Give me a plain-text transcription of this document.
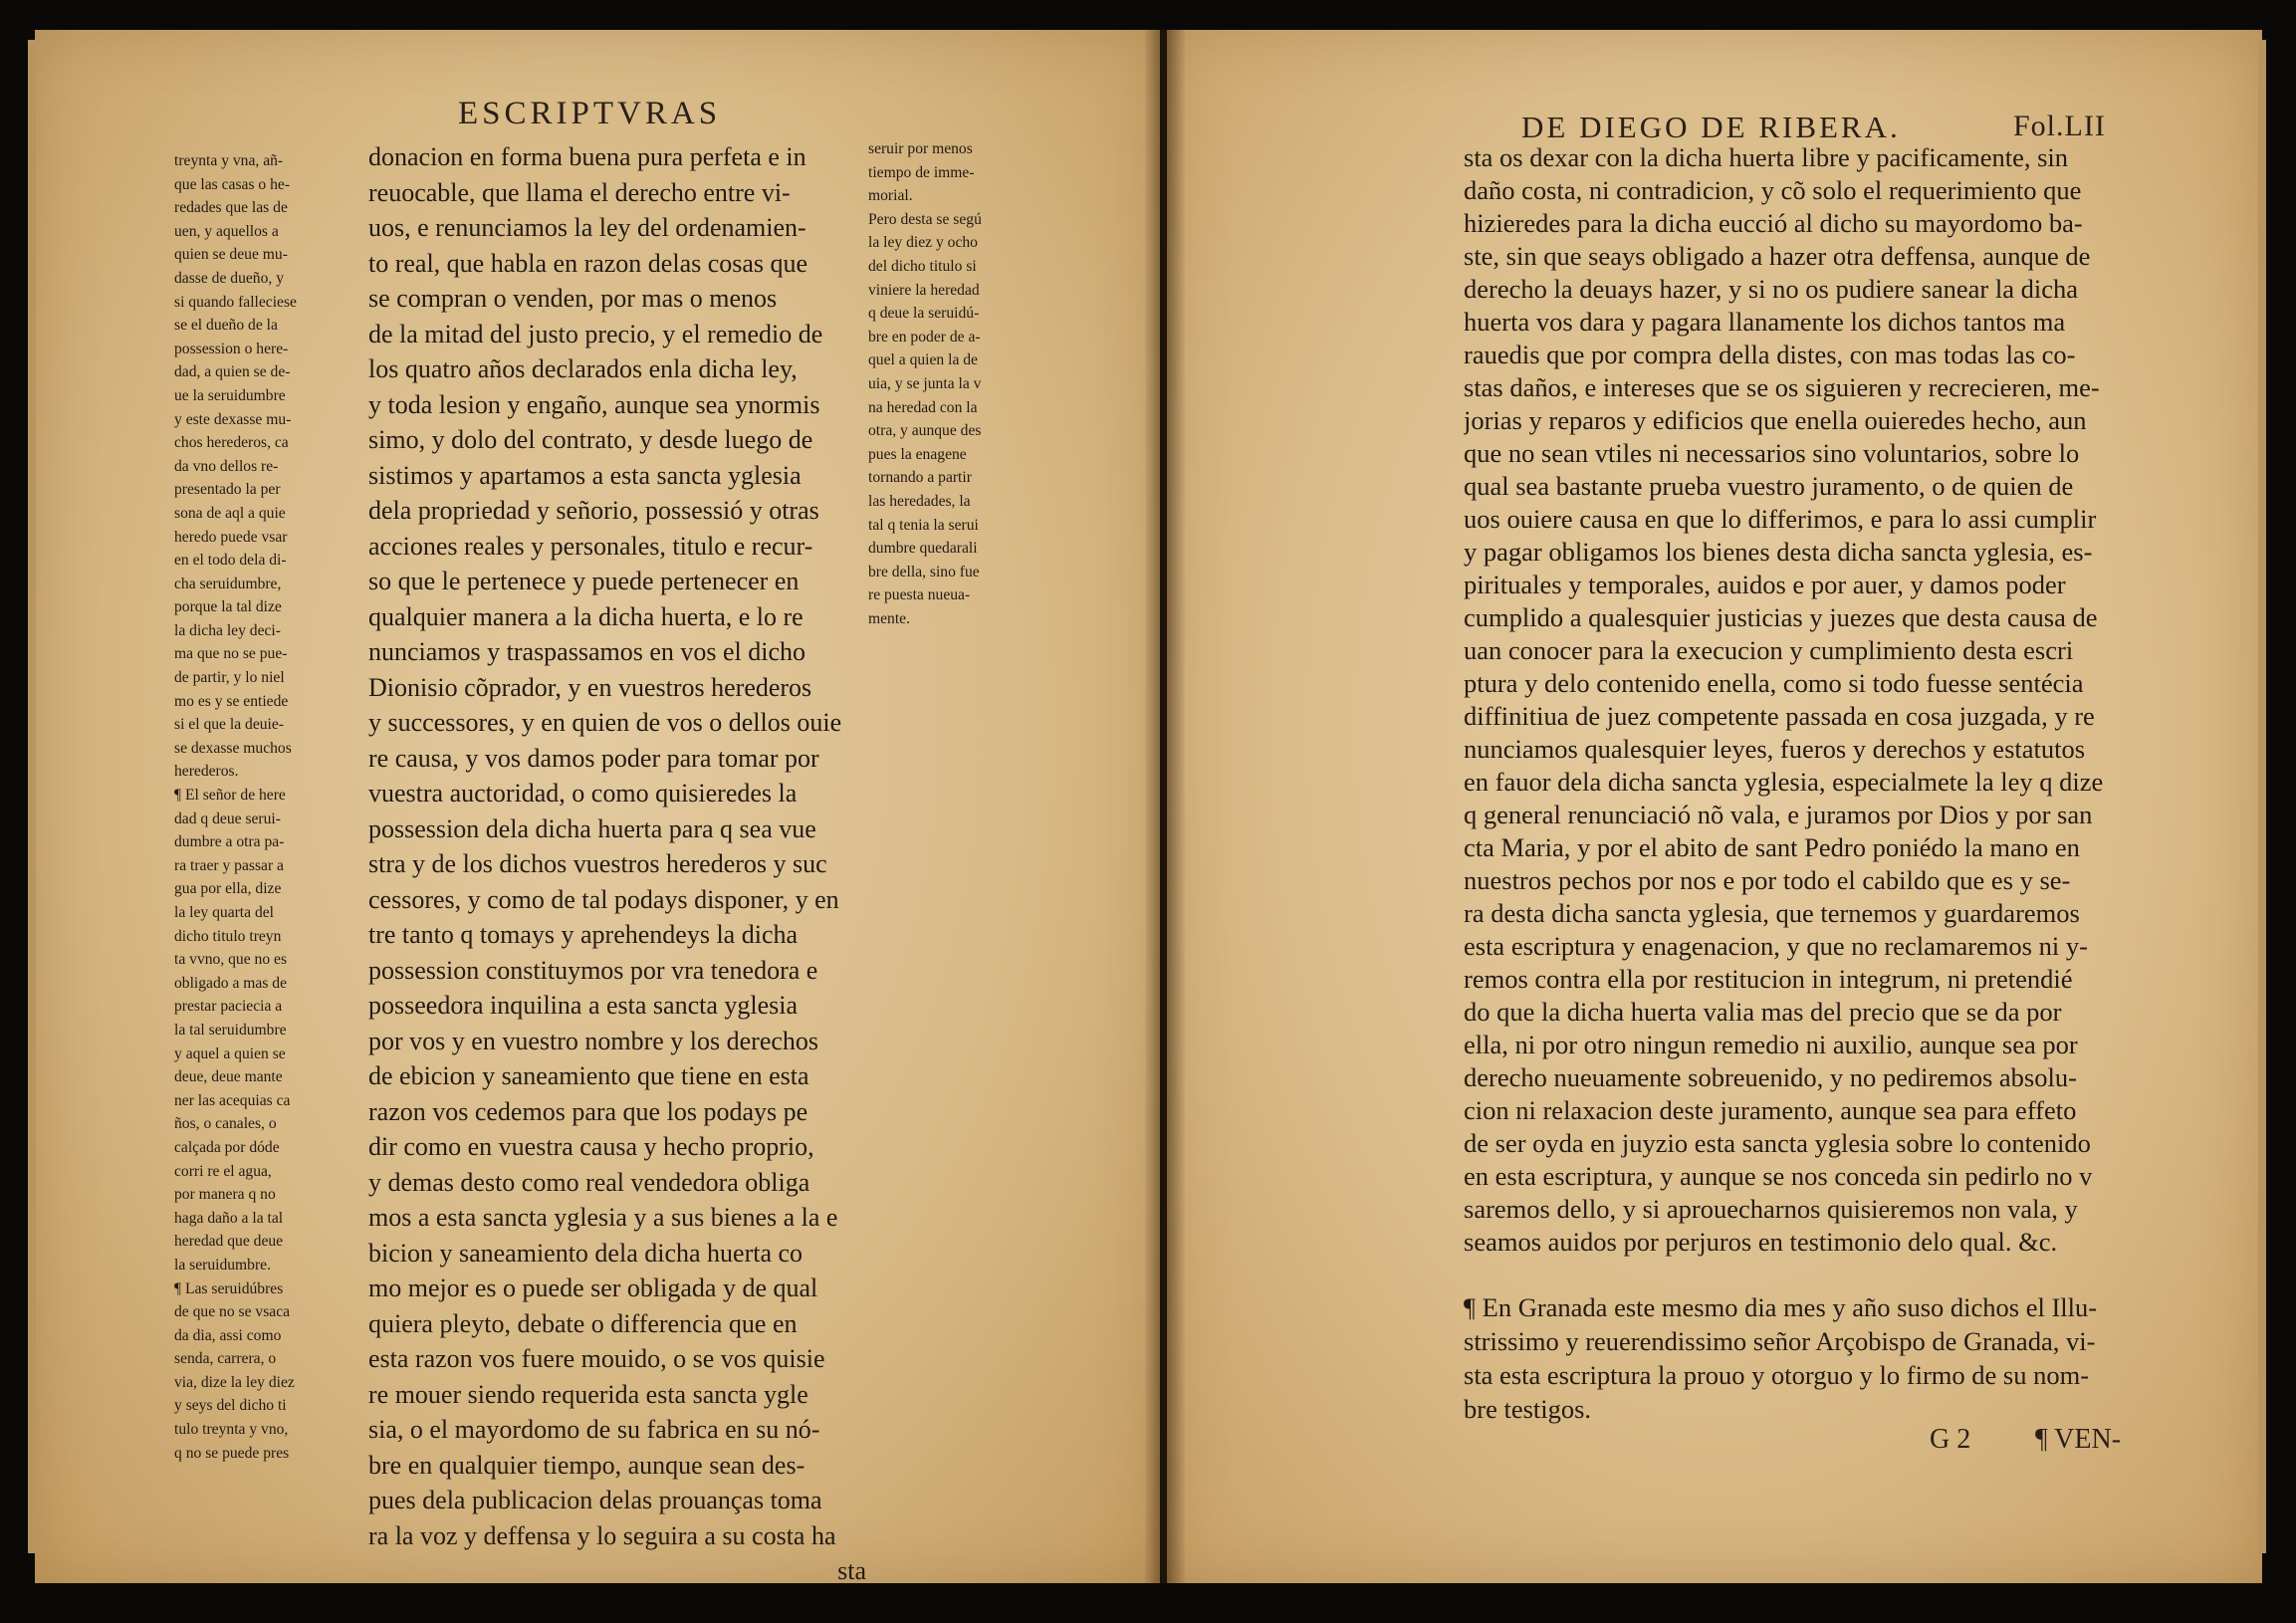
ESCRIPTVRAS
treynta y vna, añ-
que las casas o he-
redades que las de
uen, y aquellos a
quien se deue mu-
dasse de dueño, y
si quando falleciese
se el dueño de la
possession o here-
dad, a quien se de-
ue la seruidumbre
y este dexasse mu-
chos herederos, ca
da vno dellos re-
presentado la per
sona de aql a quie
heredo puede vsar
en el todo dela di-
cha seruidumbre,
porque la tal dize
la dicha ley deci-
ma que no se pue-
de partir, y lo niel
mo es y se entiede
si el que la deuie-
se dexasse muchos
herederos.
¶ El señor de here
dad q deue serui-
dumbre a otra pa-
ra traer y passar a
gua por ella, dize
la ley quarta del
dicho titulo treyn
ta vvno, que no es
obligado a mas de
prestar paciecia a
la tal seruidumbre
y aquel a quien se
deue, deue mante
ner las acequias ca
ños, o canales, o
calçada por dóde
corri re el agua,
por manera q no
haga daño a la tal
heredad que deue
la seruidumbre.
¶ Las seruidúbres
de que no se vsaca
da dia, assi como
senda, carrera, o
via, dize la ley diez
y seys del dicho ti
tulo treynta y vno,
q no se puede pres
donacion en forma buena pura perfeta e in
reuocable, que llama el derecho entre vi-
uos, e renunciamos la ley del ordenamien-
to real, que habla en razon delas cosas que
se compran o venden, por mas o menos
de la mitad del justo precio, y el remedio de
los quatro años declarados enla dicha ley,
y toda lesion y engaño, aunque sea ynormis
simo, y dolo del contrato, y desde luego de
sistimos y apartamos a esta sancta yglesia
dela propriedad y señorio, possessió y otras
acciones reales y personales, titulo e recur-
so que le pertenece y puede pertenecer en
qualquier manera a la dicha huerta, e lo re
nunciamos y traspassamos en vos el dicho
Dionisio cõprador, y en vuestros herederos
y successores, y en quien de vos o dellos ouie
re causa, y vos damos poder para tomar por
vuestra auctoridad, o como quisieredes la
possession dela dicha huerta para q sea vue
stra y de los dichos vuestros herederos y suc
cessores, y como de tal podays disponer, y en
tre tanto q tomays y aprehendeys la dicha
possession constituymos por vra tenedora e
posseedora inquilina a esta sancta yglesia
por vos y en vuestro nombre y los derechos
de ebicion y saneamiento que tiene en esta
razon vos cedemos para que los podays pe
dir como en vuestra causa y hecho proprio,
y demas desto como real vendedora obliga
mos a esta sancta yglesia y a sus bienes a la e
bicion y saneamiento dela dicha huerta co
mo mejor es o puede ser obligada y de qual
quiera pleyto, debate o differencia que en
esta razon vos fuere mouido, o se vos quisie
re mouer siendo requerida esta sancta ygle
sia, o el mayordomo de su fabrica en su nó-
bre en qualquier tiempo, aunque sean des-
pues dela publicacion delas prouanças toma
ra la voz y deffensa y lo seguira a su costa ha
sta
seruir por menos
tiempo de imme-
morial.
Pero desta se segú
la ley diez y ocho
del dicho titulo si
viniere la heredad
q deue la seruidú-
bre en poder de a-
quel a quien la de
uia, y se junta la v
na heredad con la
otra, y aunque des
pues la enagene
tornando a partir
las heredades, la
tal q tenia la serui
dumbre quedarali
bre della, sino fue
re puesta nueua-
mente.
DE DIEGO DE RIBERA.	Fol.LII
sta os dexar con la dicha huerta libre y pacificamente, sin
daño costa, ni contradicion, y cõ solo el requerimiento que
hizieredes para la dicha eucció al dicho su mayordomo ba-
ste, sin que seays obligado a hazer otra deffensa, aunque de
derecho la deuays hazer, y si no os pudiere sanear la dicha
huerta vos dara y pagara llanamente los dichos tantos ma
rauedis que por compra della distes, con mas todas las co-
stas daños, e intereses que se os siguieren y recrecieren, me-
jorias y reparos y edificios que enella ouieredes hecho, aun
que no sean vtiles ni necessarios sino voluntarios, sobre lo
qual sea bastante prueba vuestro juramento, o de quien de
uos ouiere causa en que lo differimos, e para lo assi cumplir
y pagar obligamos los bienes desta dicha sancta yglesia, es-
pirituales y temporales, auidos e por auer, y damos poder
cumplido a qualesquier justicias y juezes que desta causa de
uan conocer para la execucion y cumplimiento desta escri
ptura y delo contenido enella, como si todo fuesse sentécia
diffinitiua de juez competente passada en cosa juzgada, y re
nunciamos qualesquier leyes, fueros y derechos y estatutos
en fauor dela dicha sancta yglesia, especialmete la ley q dize
q general renunciació nõ vala, e juramos por Dios y por san
cta Maria, y por el abito de sant Pedro poniédo la mano en
nuestros pechos por nos e por todo el cabildo que es y se-
ra desta dicha sancta yglesia, que ternemos y guardaremos
esta escriptura y enagenacion, y que no reclamaremos ni y-
remos contra ella por restitucion in integrum, ni pretendié
do que la dicha huerta valia mas del precio que se da por
ella, ni por otro ningun remedio ni auxilio, aunque sea por
derecho nueuamente sobreuenido, y no pediremos absolu-
cion ni relaxacion deste juramento, aunque sea para effeto
de ser oyda en juyzio esta sancta yglesia sobre lo contenido
en esta escriptura, y aunque se nos conceda sin pedirlo no v
saremos dello, y si aprouecharnos quisieremos non vala, y
seamos auidos por perjuros en testimonio delo qual. &c.
¶ En Granada este mesmo dia mes y año suso dichos el Illu-
strissimo y reuerendissimo señor Arçobispo de Granada, vi-
sta esta escriptura la prouo y otorguo y lo firmo de su nom-
bre testigos.
G 2 ¶ VEN-
